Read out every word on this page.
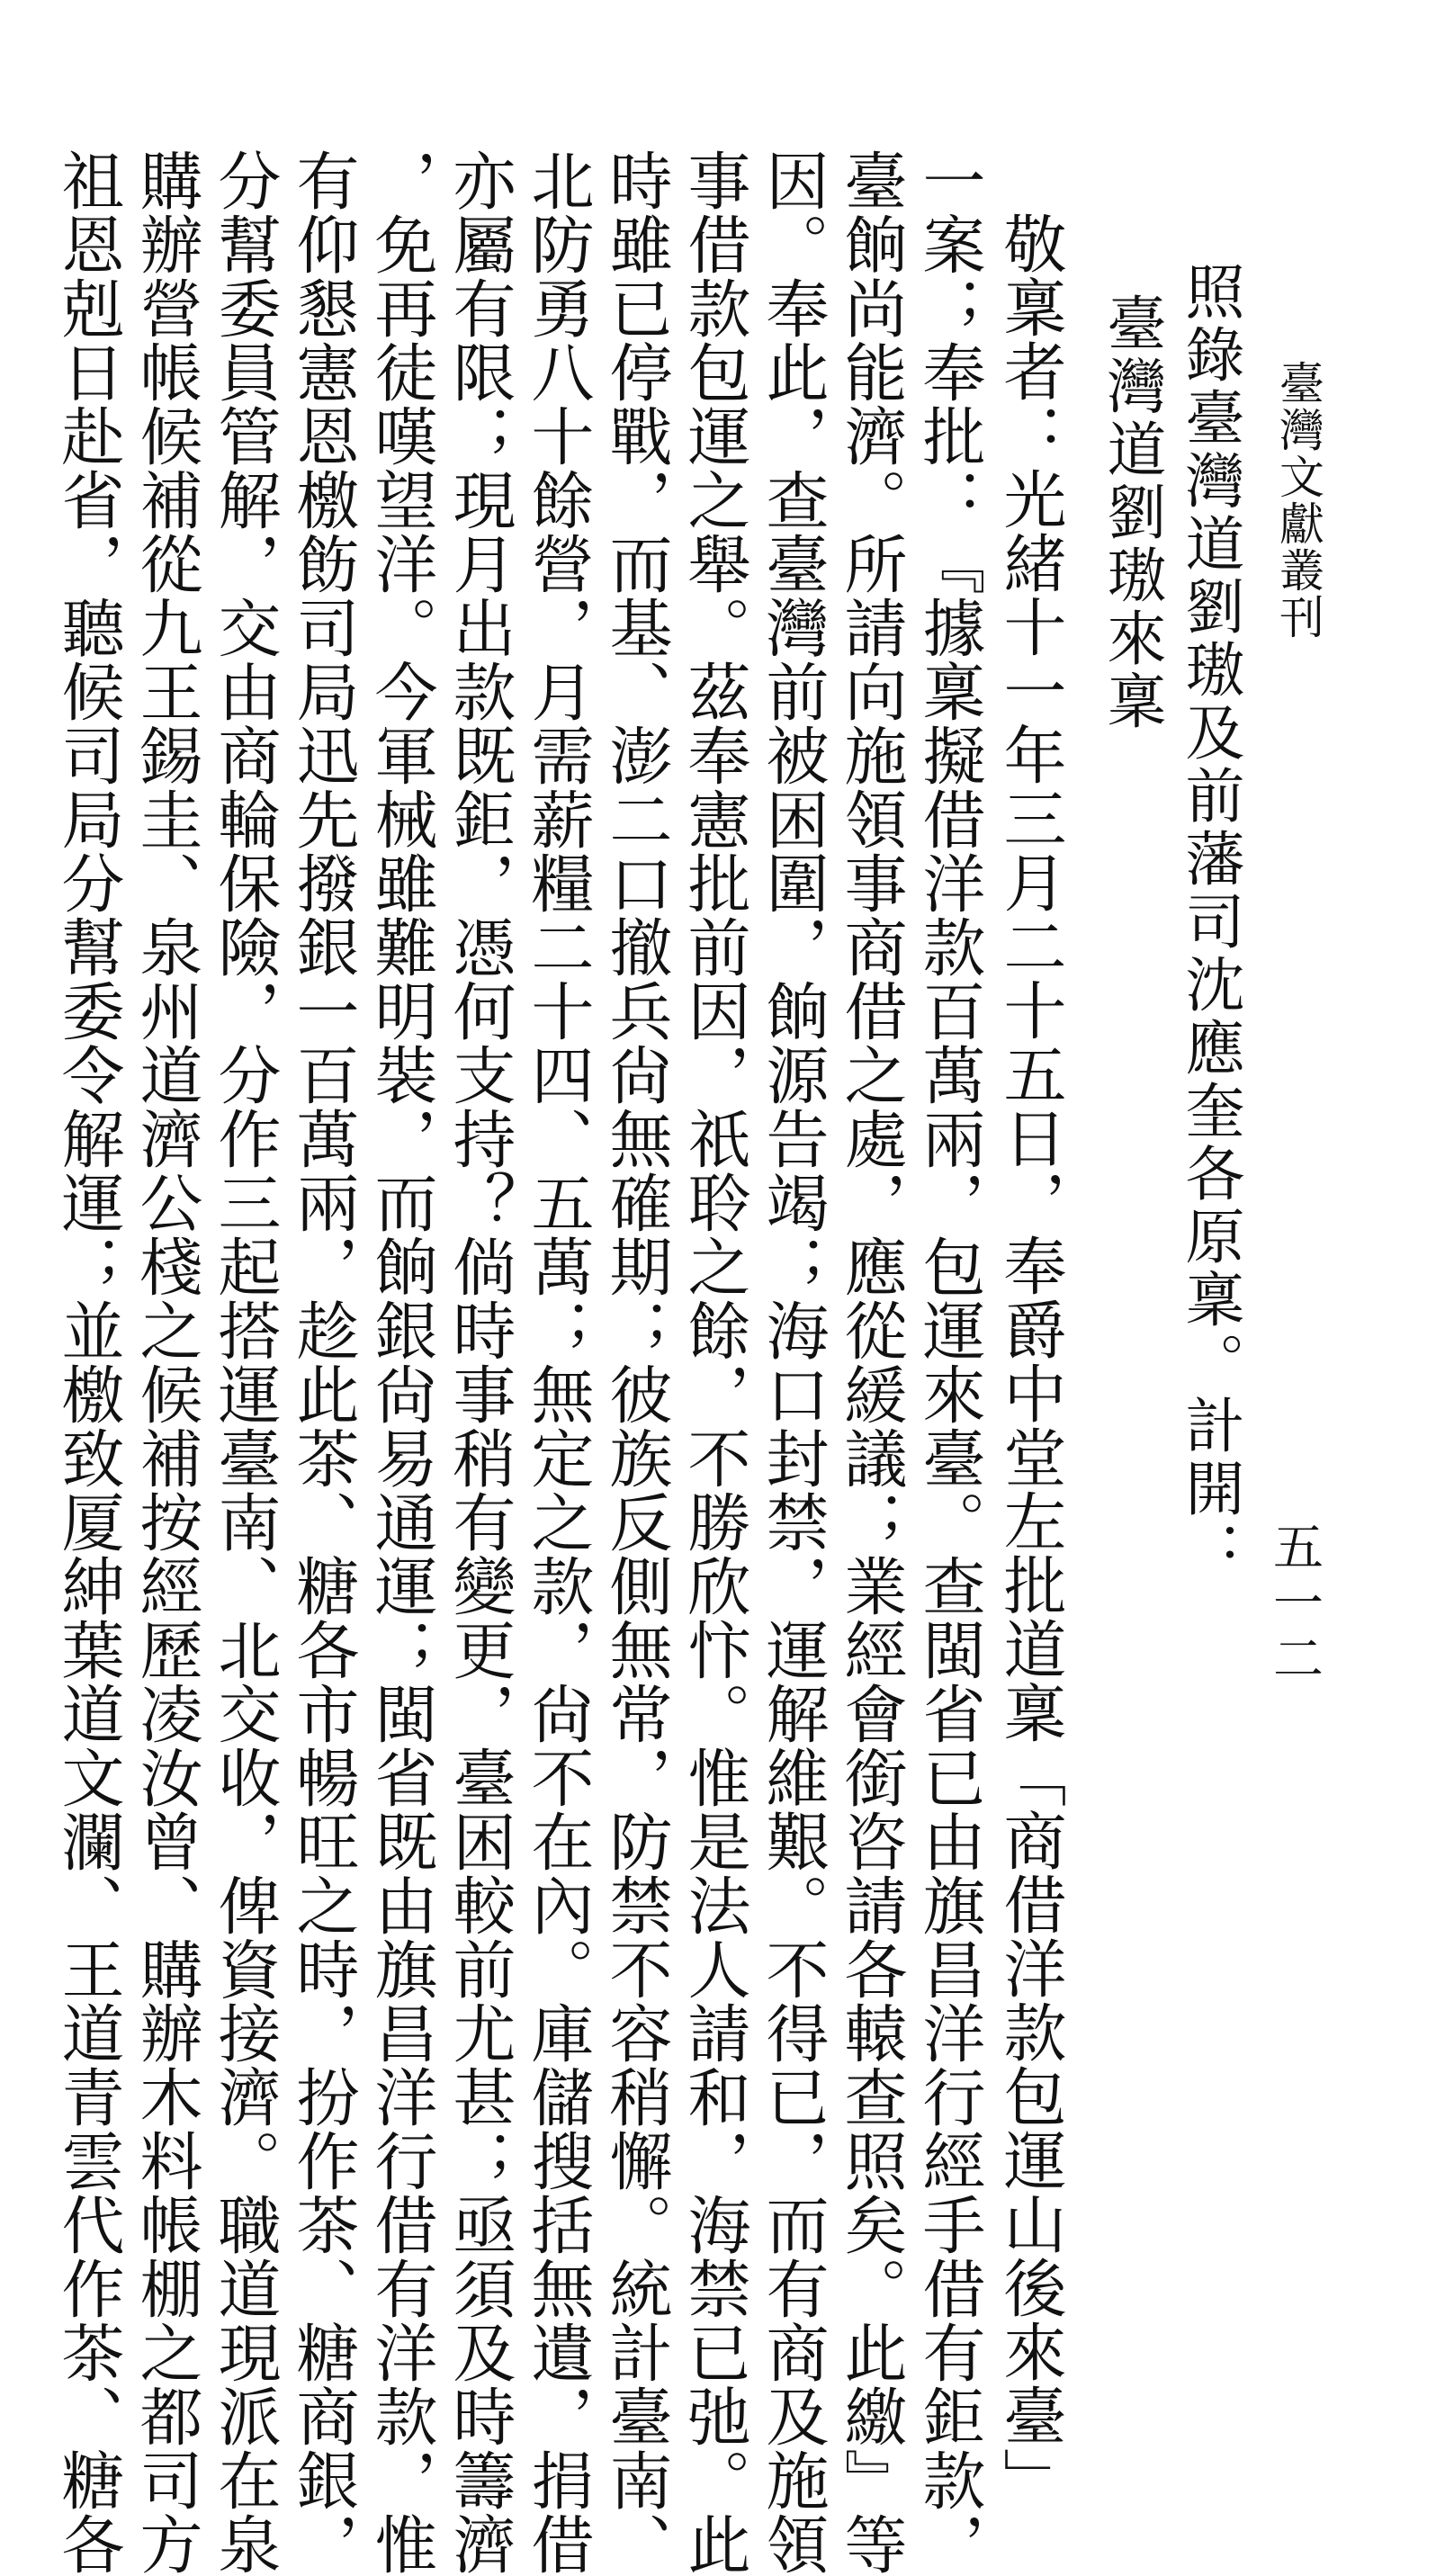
臺灣文獻叢刊
五一二
照錄臺灣道劉璈及前藩司沈應奎各原稟。計開：
臺灣道劉璈來稟
敬稟者：光緒十一年三月二十五日，奉爵中堂左批道稟「商借洋款包運山後來臺」
一案；奉批：『據稟擬借洋款百萬兩，包運來臺。查閩省已由旗昌洋行經手借有鉅款，
臺餉尚能濟。所請向施領事商借之處，應從緩議；業經會銜咨請各轅查照矣。此繳』等
因。奉此，查臺灣前被困圍，餉源告竭；海口封禁，運解維艱。不得已，而有商及施領
事借款包運之舉。茲奉憲批前因，祇聆之餘，不勝欣忭。惟是法人請和，海禁已弛。此
時雖已停戰，而基、澎二口撤兵尙無確期；彼族反側無常，防禁不容稍懈。統計臺南、
北防勇八十餘營，月需薪糧二十四、五萬；無定之款，尙不在內。庫儲搜括無遺，捐借
亦屬有限；現月出款既鉅，憑何支持？倘時事稍有變更，臺困較前尤甚；亟須及時籌濟
，免再徒嘆望洋。今軍械雖難明裝，而餉銀尙易通運；閩省既由旗昌洋行借有洋款，惟
有仰懇憲恩檄飭司局迅先撥銀一百萬兩，趁此茶、糖各市暢旺之時，扮作茶、糖商銀，
分幫委員管解，交由商輪保險，分作三起搭運臺南、北交收，俾資接濟。職道現派在泉
購辦營帳候補從九王錫圭、泉州道濟公棧之候補按經歷凌汝曾、購辦木料帳棚之都司方
祖恩剋日赴省，聽候司局分幫委令解運；並檄致厦紳葉道文瀾、王道青雲代作茶、糖各
